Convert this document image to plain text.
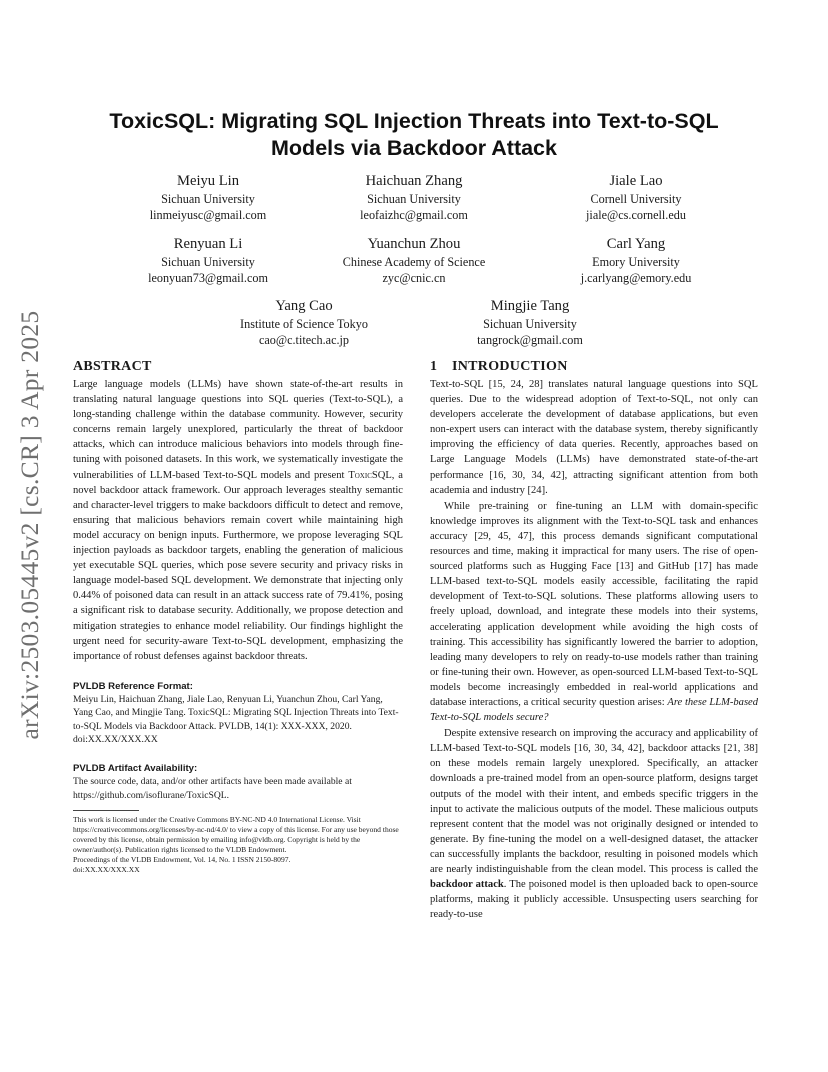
arXiv:2503.05445v2 [cs.CR] 3 Apr 2025
ToxicSQL: Migrating SQL Injection Threats into Text-to-SQL
Models via Backdoor Attack
Meiyu Lin
Sichuan University
linmeiyusc@gmail.com
Haichuan Zhang
Sichuan University
leofaizhc@gmail.com
Jiale Lao
Cornell University
jiale@cs.cornell.edu
Renyuan Li
Sichuan University
leonyuan73@gmail.com
Yuanchun Zhou
Chinese Academy of Science
zyc@cnic.cn
Carl Yang
Emory University
j.carlyang@emory.edu
Yang Cao
Institute of Science Tokyo
cao@c.titech.ac.jp
Mingjie Tang
Sichuan University
tangrock@gmail.com
ABSTRACT

Large language models (LLMs) have shown state-of-the-art results in translating natural language questions into SQL queries (Text-to-SQL), a long-standing challenge within the database community. However, security concerns remain largely unexplored, particularly the threat of backdoor attacks, which can introduce malicious behaviors into models through fine-tuning with poisoned datasets. In this work, we systematically investigate the vulnerabilities of LLM-based Text-to-SQL models and present ToxicSQL, a novel backdoor attack framework. Our approach leverages stealthy semantic and character-level triggers to make backdoors difficult to detect and remove, ensuring that malicious behaviors remain covert while maintaining high model accuracy on benign inputs. Furthermore, we propose leveraging SQL injection payloads as backdoor targets, enabling the generation of malicious yet executable SQL queries, which pose severe security and privacy risks in language model-based SQL development. We demonstrate that injecting only 0.44% of poisoned data can result in an attack success rate of 79.41%, posing a significant risk to database security. Additionally, we propose detection and mitigation strategies to enhance model reliability. Our findings highlight the urgent need for security-aware Text-to-SQL development, emphasizing the importance of robust defenses against backdoor threats.

PVLDB Reference Format:
Meiyu Lin, Haichuan Zhang, Jiale Lao, Renyuan Li, Yuanchun Zhou, Carl Yang, Yang Cao, and Mingjie Tang. ToxicSQL: Migrating SQL Injection Threats into Text-to-SQL Models via Backdoor Attack. PVLDB, 14(1): XXX-XXX, 2020.
doi:XX.XX/XXX.XX
PVLDB Artifact Availability:
The source code, data, and/or other artifacts have been made available at https://github.com/isoflurane/ToxicSQL.
This work is licensed under the Creative Commons BY-NC-ND 4.0 International License. Visit https://creativecommons.org/licenses/by-nc-nd/4.0/ to view a copy of this license. For any use beyond those covered by this license, obtain permission by emailing info@vldb.org. Copyright is held by the owner/author(s). Publication rights licensed to the VLDB Endowment.
Proceedings of the VLDB Endowment, Vol. 14, No. 1 ISSN 2150-8097.
doi:XX.XX/XXX.XX
1 INTRODUCTION

Text-to-SQL [15, 24, 28] translates natural language questions into SQL queries. Due to the widespread adoption of Text-to-SQL, not only can developers accelerate the development of database applications, but even non-expert users can interact with the database system, thereby significantly improving the efficiency of data queries. Recently, approaches based on Large Language Models (LLMs) have demonstrated state-of-the-art performance [16, 30, 34, 42], attracting significant attention from both academia and industry [24].

While pre-training or fine-tuning an LLM with domain-specific knowledge improves its alignment with the Text-to-SQL task and enhances accuracy [29, 45, 47], this process demands significant computational resources and time, making it impractical for many users. The rise of open-sourced platforms such as Hugging Face [13] and GitHub [17] has made LLM-based text-to-SQL models easily accessible, facilitating the rapid development of Text-to-SQL solutions. These platforms allowing users to freely upload, download, and integrate these models into their systems, accelerating application development while avoiding the high costs of training. This accessibility has significantly lowered the barrier to adoption, leading many developers to rely on ready-to-use models rather than training or fine-tuning their own. However, as open-sourced LLM-based Text-to-SQL models become increasingly embedded in real-world applications and database interactions, a critical security question arises: Are these LLM-based Text-to-SQL models secure?

Despite extensive research on improving the accuracy and applicability of LLM-based Text-to-SQL models [16, 30, 34, 42], backdoor attacks [21, 38] on these models remain largely unexplored. Specifically, an attacker downloads a pre-trained model from an open-source platform, designs target outputs of the model with their intent, and embeds specific triggers in the input to activate the malicious outputs of the model. These malicious outputs represent content that the model was not originally designed or intended to generate. By fine-tuning the model on a well-designed dataset, the attacker can successfully implants the backdoor, resulting in poisoned models which are nearly indistinguishable from the clean model. This process is called the backdoor attack. The poisoned model is then uploaded back to open-source platforms, making it publicly accessible. Unsuspecting users searching for ready-to-use
